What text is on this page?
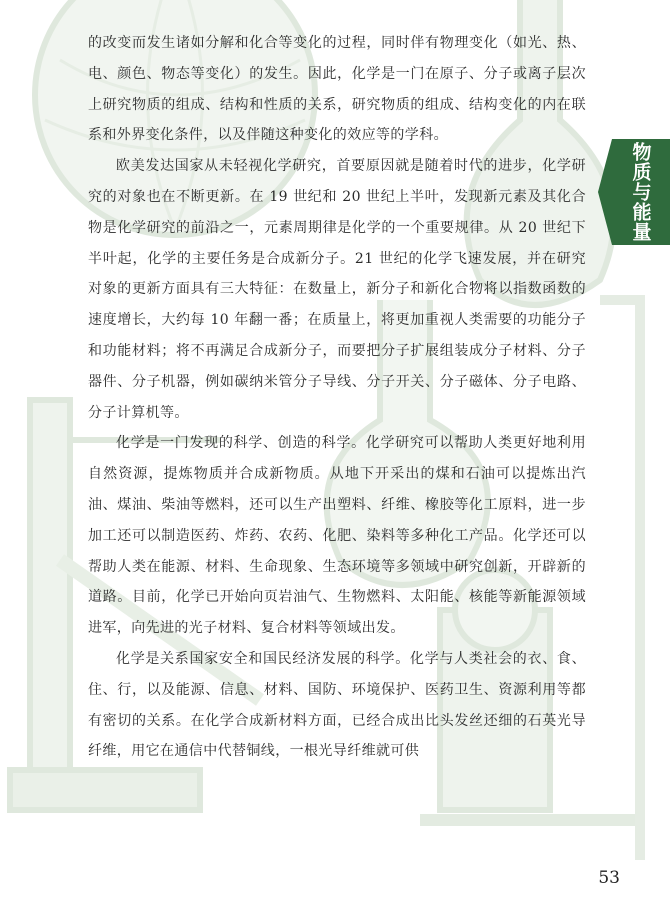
的改变而发生诸如分解和化合等变化的过程，同时伴有物理变化（如光、热、电、颜色、物态等变化）的发生。因此，化学是一门在原子、分子或离子层次上研究物质的组成、结构和性质的关系，研究物质的组成、结构变化的内在联系和外界变化条件，以及伴随这种变化的效应等的学科。

欧美发达国家从未轻视化学研究，首要原因就是随着时代的进步，化学研究的对象也在不断更新。在 19 世纪和 20 世纪上半叶，发现新元素及其化合物是化学研究的前沿之一，元素周期律是化学的一个重要规律。从 20 世纪下半叶起，化学的主要任务是合成新分子。21 世纪的化学飞速发展，并在研究对象的更新方面具有三大特征：在数量上，新分子和新化合物将以指数函数的速度增长，大约每 10 年翻一番；在质量上，将更加重视人类需要的功能分子和功能材料；将不再满足合成新分子，而要把分子扩展组装成分子材料、分子器件、分子机器，例如碳纳米管分子导线、分子开关、分子磁体、分子电路、分子计算机等。

化学是一门发现的科学、创造的科学。化学研究可以帮助人类更好地利用自然资源，提炼物质并合成新物质。从地下开采出的煤和石油可以提炼出汽油、煤油、柴油等燃料，还可以生产出塑料、纤维、橡胶等化工原料，进一步加工还可以制造医药、炸药、农药、化肥、染料等多种化工产品。化学还可以帮助人类在能源、材料、生命现象、生态环境等多领域中研究创新，开辟新的道路。目前，化学已开始向页岩油气、生物燃料、太阳能、核能等新能源领域进军，向先进的光子材料、复合材料等领域出发。

化学是关系国家安全和国民经济发展的科学。化学与人类社会的衣、食、住、行，以及能源、信息、材料、国防、环境保护、医药卫生、资源利用等都有密切的关系。在化学合成新材料方面，已经合成出比头发丝还细的石英光导纤维，用它在通信中代替铜线，一根光导纤维就可供

物质与能量
53
